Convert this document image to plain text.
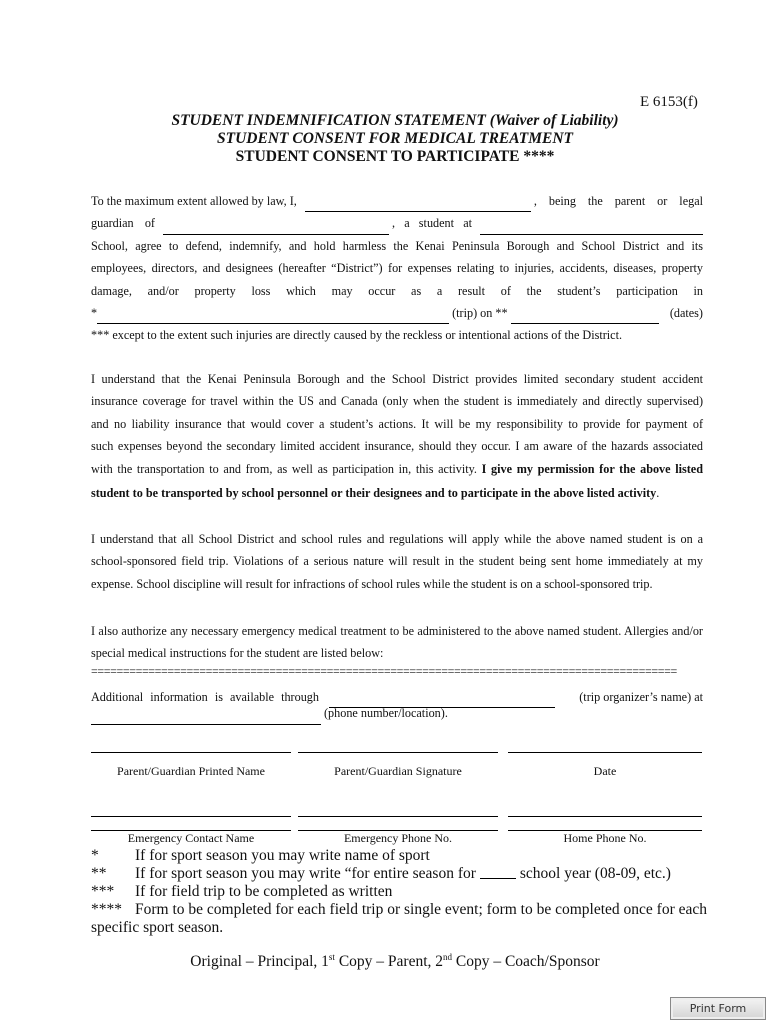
E 6153(f)
STUDENT INDEMNIFICATION STATEMENT (Waiver of Liability)
STUDENT CONSENT FOR MEDICAL TREATMENT
STUDENT CONSENT TO PARTICIPATE ****
To the maximum extent allowed by law, I,	, being the parent or legal
guardian of	, a student at
School, agree to defend, indemnify, and hold harmless the Kenai Peninsula Borough and School District and its
employees, directors, and designees (hereafter “District”) for expenses relating to injuries, accidents, diseases, property
damage, and/or property loss which may occur as a result of the student’s participation in
*	(trip) on **	(dates)
*** except to the extent such injuries are directly caused by the reckless or intentional actions of the District.
I understand that the Kenai Peninsula Borough and the School District provides limited secondary student accident
insurance coverage for travel within the US and Canada (only when the student is immediately and directly supervised)
and no liability insurance that would cover a student’s actions. It will be my responsibility to provide for payment of
such expenses beyond the secondary limited accident insurance, should they occur. I am aware of the hazards associated
with the transportation to and from, as well as participation in, this activity. I give my permission for the above listed
student to be transported by school personnel or their designees and to participate in the above listed activity.
I understand that all School District and school rules and regulations will apply while the above named student is on a school-sponsored field trip. Violations of a serious nature will result in the student being sent home immediately at my expense. School discipline will result for infractions of school rules while the student is on a school-sponsored trip.
I also authorize any necessary emergency medical treatment to be administered to the above named student. Allergies and/or special medical instructions for the student are listed below:
============================================================================================
Additional information is available through	(trip organizer’s name) at
(phone number/location).
Parent/Guardian Printed Name	Parent/Guardian Signature	Date
Emergency Contact Name	Emergency Phone No.	Home Phone No.
*	If for sport season you may write name of sport
**	If for sport season you may write “for entire season for	school year (08-09, etc.)
***	If for field trip to be completed as written
**** Form to be completed for each field trip or single event; form to be completed once for each specific sport season.
Original – Principal, 1st Copy – Parent, 2nd Copy – Coach/Sponsor
Print Form
